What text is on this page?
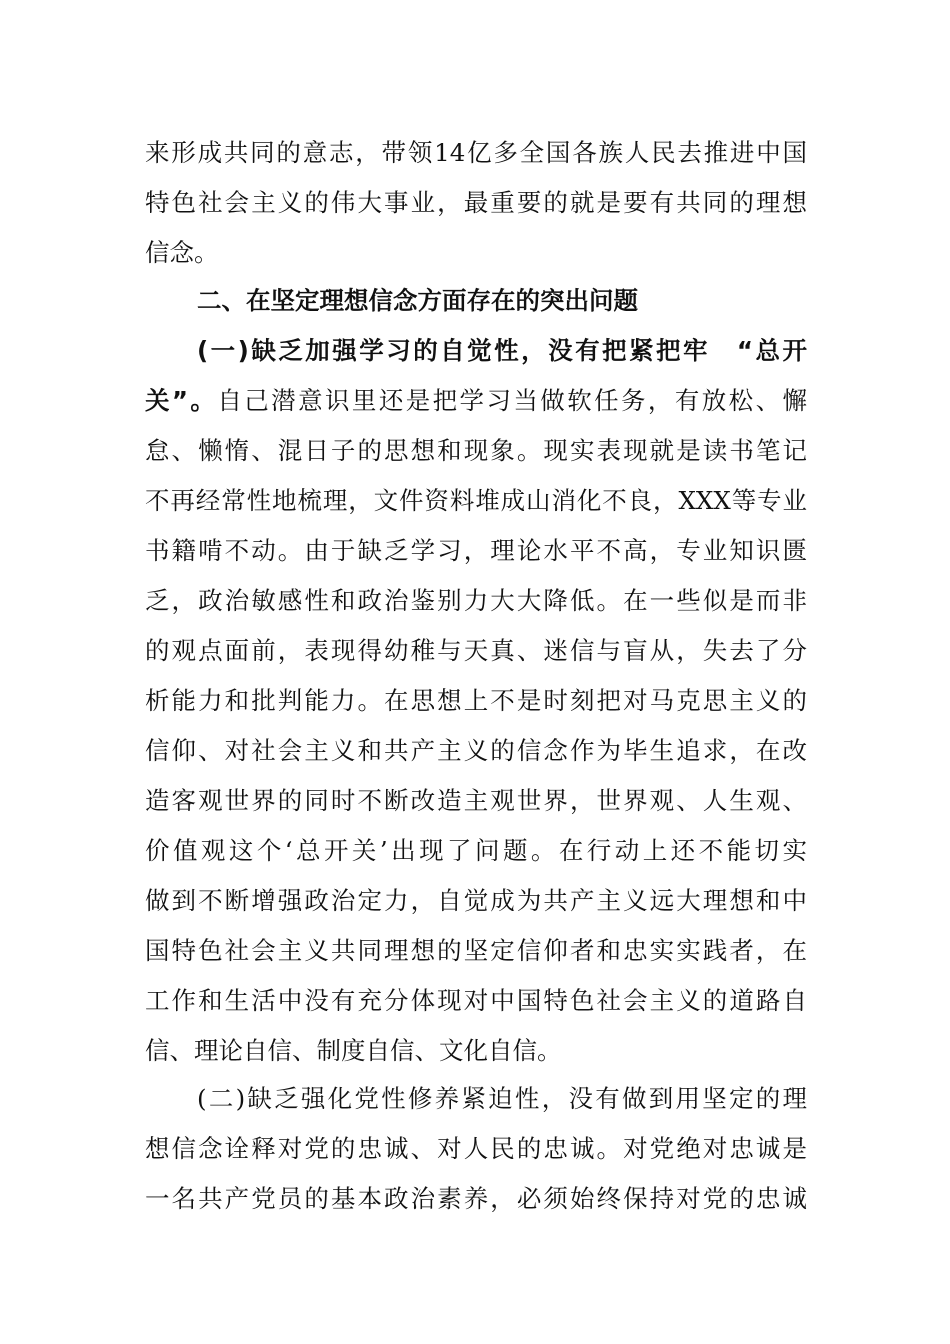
来形成共同的意志，带领14亿多全国各族人民去推进中国
特色社会主义的伟大事业，最重要的就是要有共同的理想
信念。
二、在坚定理想信念方面存在的突出问题
(一)缺乏加强学习的自觉性，没有把紧把牢　“总开
关”。自己潜意识里还是把学习当做软任务，有放松、懈
怠、懒惰、混日子的思想和现象。现实表现就是读书笔记
不再经常性地梳理，文件资料堆成山消化不良，XXX等专业
书籍啃不动。由于缺乏学习，理论水平不高，专业知识匮
乏，政治敏感性和政治鉴别力大大降低。在一些似是而非
的观点面前，表现得幼稚与天真、迷信与盲从，失去了分
析能力和批判能力。在思想上不是时刻把对马克思主义的
信仰、对社会主义和共产主义的信念作为毕生追求，在改
造客观世界的同时不断改造主观世界，世界观、人生观、
价值观这个‘总开关’出现了问题。在行动上还不能切实
做到不断增强政治定力，自觉成为共产主义远大理想和中
国特色社会主义共同理想的坚定信仰者和忠实实践者，在
工作和生活中没有充分体现对中国特色社会主义的道路自
信、理论自信、制度自信、文化自信。
(二)缺乏强化党性修养紧迫性，没有做到用坚定的理
想信念诠释对党的忠诚、对人民的忠诚。对党绝对忠诚是
一名共产党员的基本政治素养，必须始终保持对党的忠诚
